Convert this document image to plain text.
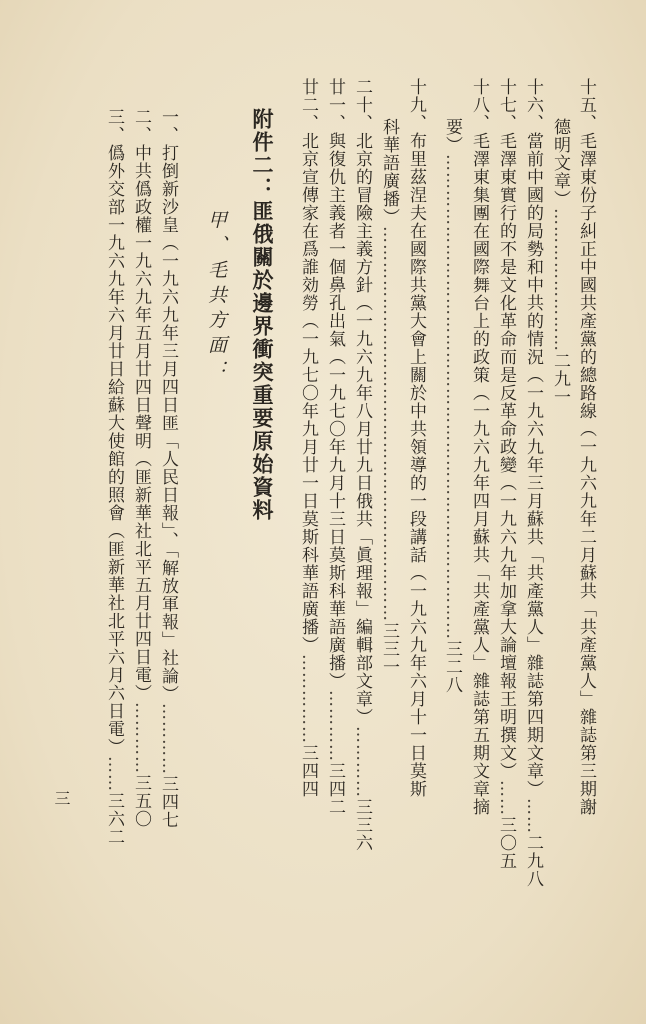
十五、毛澤東份子糾正中國共產黨的總路線（一九六九年二月蘇共「共產黨人」雜誌第三期謝
德明文章）……………………二九一
十六、當前中國的局勢和中共的情況（一九六九年三月蘇共「共產黨人」雜誌第四期文章）……二九八
十七、毛澤東實行的不是文化革命而是反革命政變（一九六九年加拿大論壇報王明撰文）……三〇五
十八、毛澤東集團在國際舞台上的政策（一九六九年四月蘇共「共產黨人」雜誌第五期文章摘
要）………………………………………………………………………三二八
十九、布里茲涅夫在國際共黨大會上關於中共領導的一段講話（一九六九年六月十一日莫斯
科華語廣播）…………………………………………………………三三一
二十、北京的冒險主義方針（一九六九年八月廿九日俄共「眞理報」編輯部文章）…………三三六
廿一、與復仇主義者一個鼻孔出氣（一九七〇年九月十三日莫斯科華語廣播）…………三四二
廿二、北京宣傳家在爲誰効勞（一九七〇年九月廿一日莫斯科華語廣播）……………三四四
附件二：匪俄關於邊界衝突重要原始資料
甲、毛共方面：
一、打倒新沙皇（一九六九年三月四日匪「人民日報」、「解放軍報」社論）…………三四七
二、中共僞政權一九六九年五月廿四日聲明（匪新華社北平五月廿四日電）…………三五〇
三、僞外交部一九六九年六月廿日給蘇大使館的照會（匪新華社北平六月六日電）……三六二
三
